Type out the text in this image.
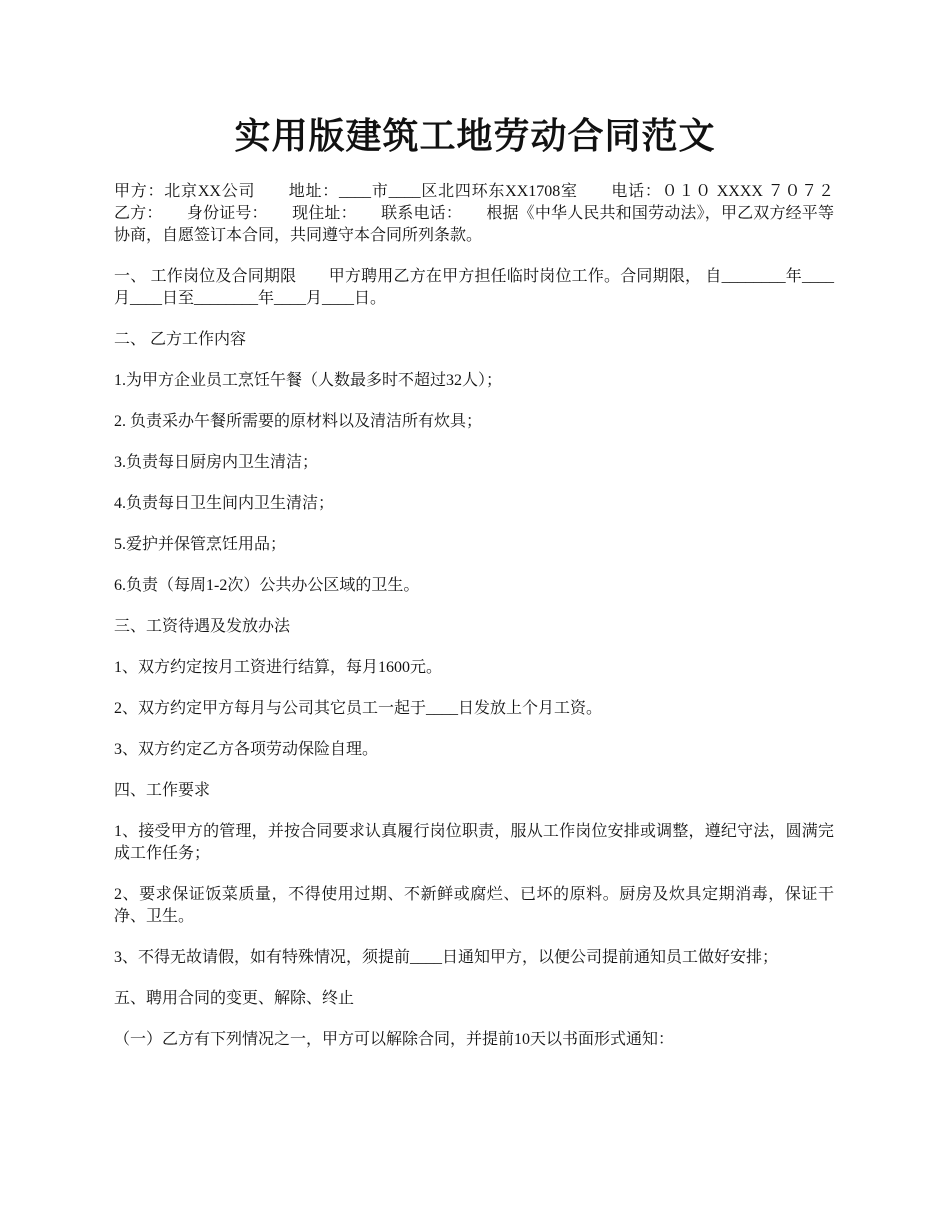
实用版建筑工地劳动合同范文

甲方：北京XX公司　　地址：____市____区北四环东XX1708室　　电话：０１０ XXXX ７０７２　　乙方：　　身份证号：　　现住址：　　联系电话：　　根据《中华人民共和国劳动法》，甲乙双方经平等协商，自愿签订本合同，共同遵守本合同所列条款。

一、 工作岗位及合同期限　　甲方聘用乙方在甲方担任临时岗位工作。合同期限， 自________年____月____日至________年____月____日。

二、 乙方工作内容

1.为甲方企业员工烹饪午餐（人数最多时不超过32人）；

2. 负责采办午餐所需要的原材料以及清洁所有炊具；

3.负责每日厨房内卫生清洁；

4.负责每日卫生间内卫生清洁；

5.爱护并保管烹饪用品；

6.负责（每周1-2次）公共办公区域的卫生。

三、工资待遇及发放办法

1、双方约定按月工资进行结算，每月1600元。

2、双方约定甲方每月与公司其它员工一起于____日发放上个月工资。

3、双方约定乙方各项劳动保险自理。

四、工作要求

1、接受甲方的管理，并按合同要求认真履行岗位职责，服从工作岗位安排或调整，遵纪守法，圆满完成工作任务；

2、要求保证饭菜质量，不得使用过期、不新鲜或腐烂、已坏的原料。厨房及炊具定期消毒，保证干净、卫生。

3、不得无故请假，如有特殊情况，须提前____日通知甲方，以便公司提前通知员工做好安排；

五、聘用合同的变更、解除、终止

（一）乙方有下列情况之一，甲方可以解除合同，并提前10天以书面形式通知：
